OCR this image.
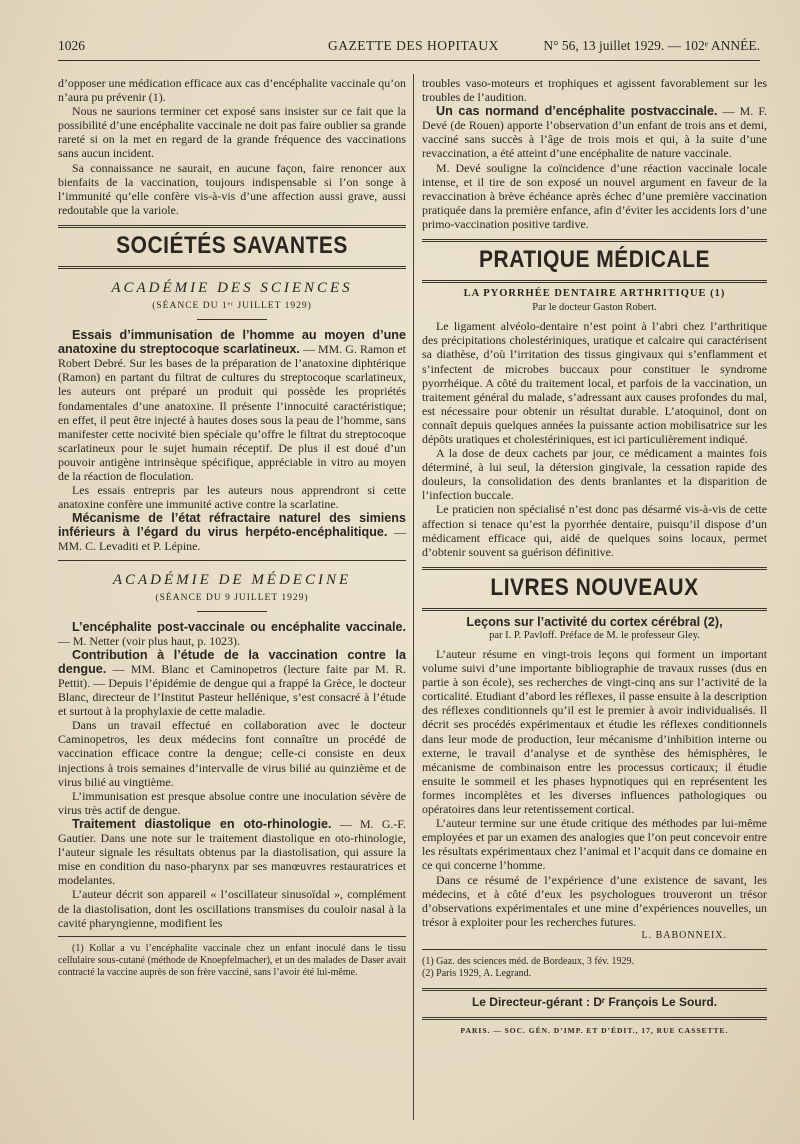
1026	GAZETTE DES HOPITAUX	N° 56, 13 juillet 1929. — 102ᵉ ANNÉE.

d’opposer une médication efficace aux cas d’encéphalite vaccinale qu’on n’aura pu prévenir (1).

Nous ne saurions terminer cet exposé sans insister sur ce fait que la possibilité d’une encéphalite vaccinale ne doit pas faire oublier sa grande rareté si on la met en regard de la grande fréquence des vaccinations sans aucun incident.

Sa connaissance ne saurait, en aucune façon, faire renoncer aux bienfaits de la vaccination, toujours indispensable si l’on songe à l’immunité qu’elle confère vis-à-vis d’une affection aussi grave, aussi redoutable que la variole.

SOCIÉTÉS SAVANTES
ACADÉMIE DES SCIENCES
(SÉANCE DU 1ᵉʳ JUILLET 1929)

Essais d’immunisation de l’homme au moyen d’une anatoxine du streptocoque scarlatineux. — MM. G. Ramon et Robert Debré. Sur les bases de la préparation de l’anatoxine diphtérique (Ramon) en partant du filtrat de cultures du streptocoque scarlatineux, les auteurs ont préparé un produit qui possède les propriétés fondamentales d’une anatoxine. Il présente l’innocuité caractéristique; en effet, il peut être injecté à hautes doses sous la peau de l’homme, sans manifester cette nocivité bien spéciale qu’offre le filtrat du streptocoque scarlatineux pour le sujet humain réceptif. De plus il est doué d’un pouvoir antigène intrinsèque spécifique, appréciable in vitro au moyen de la réaction de floculation.

Les essais entrepris par les auteurs nous apprendront si cette anatoxine confère une immunité active contre la scarlatine.

Mécanisme de l’état réfractaire naturel des simiens inférieurs à l’égard du virus herpéto-encéphalitique. — MM. C. Levaditi et P. Lépine.

ACADÉMIE DE MÉDECINE
(SÉANCE DU 9 JUILLET 1929)

L’encéphalite post-vaccinale ou encéphalite vaccinale. — M. Netter (voir plus haut, p. 1023).

Contribution à l’étude de la vaccination contre la dengue. — MM. Blanc et Caminopetros (lecture faite par M. R. Pettit). — Depuis l’épidémie de dengue qui a frappé la Grèce, le docteur Blanc, directeur de l’Institut Pasteur hellénique, s’est consacré à l’étude et surtout à la prophylaxie de cette maladie.

Dans un travail effectué en collaboration avec le docteur Caminopetros, les deux médecins font connaître un procédé de vaccination efficace contre la dengue; celle-ci consiste en deux injections à trois semaines d’intervalle de virus bilié au quinzième et de virus bilié au vingtième.

L’immunisation est presque absolue contre une inoculation sévère de virus très actif de dengue.

Traitement diastolique en oto-rhinologie. — M. G.-F. Gautier. Dans une note sur le traitement diastolique en oto-rhinologie, l’auteur signale les résultats obtenus par la diastolisation, qui assure la mise en condition du naso-pharynx par ses manœuvres restauratrices et modelantes.

L’auteur décrit son appareil « l’oscillateur sinusoïdal », complément de la diastolisation, dont les oscillations transmises du couloir nasal à la cavité pharyngienne, modifient les

(1) Kollar a vu l’encéphalite vaccinale chez un enfant inoculé dans le tissu cellulaire sous-cutané (méthode de Knoepfelmacher), et un des malades de Daser avait contracté la vaccine auprès de son frère vacciné, sans l’avoir été lui-même.

troubles vaso-moteurs et trophiques et agissent favorablement sur les troubles de l’audition.

Un cas normand d’encéphalite postvaccinale. — M. F. Devé (de Rouen) apporte l’observation d’un enfant de trois ans et demi, vacciné sans succès à l’âge de trois mois et qui, à la suite d’une revaccination, a été atteint d’une encéphalite de nature vaccinale.

M. Devé souligne la coïncidence d’une réaction vaccinale locale intense, et il tire de son exposé un nouvel argument en faveur de la revaccination à brève échéance après échec d’une première vaccination pratiquée dans la première enfance, afin d’éviter les accidents lors d’une primo-vaccination positive tardive.

PRATIQUE MÉDICALE
LA PYORRHÉE DENTAIRE ARTHRITIQUE (1)
Par le docteur Gaston Robert.

Le ligament alvéolo-dentaire n’est point à l’abri chez l’arthritique des précipitations cholestériniques, uratique et calcaire qui caractérisent sa diathèse, d’où l’irritation des tissus gingivaux qui s’enflamment et s’infectent de microbes buccaux pour constituer le syndrome pyorrhéique. A côté du traitement local, et parfois de la vaccination, un traitement général du malade, s’adressant aux causes profondes du mal, est nécessaire pour obtenir un résultat durable. L’atoquinol, dont on connaît depuis quelques années la puissante action mobilisatrice sur les dépôts uratiques et cholestériniques, est ici particulièrement indiqué.

A la dose de deux cachets par jour, ce médicament a maintes fois déterminé, à lui seul, la détersion gingivale, la cessation rapide des douleurs, la consolidation des dents branlantes et la disparition de l’infection buccale.

Le praticien non spécialisé n’est donc pas désarmé vis-à-vis de cette affection si tenace qu’est la pyorrhée dentaire, puisqu’il dispose d’un médicament efficace qui, aidé de quelques soins locaux, permet d’obtenir souvent sa guérison définitive.

LIVRES NOUVEAUX
Leçons sur l’activité du cortex cérébral (2),
par I. P. Pavloff. Préface de M. le professeur Gley.

L’auteur résume en vingt-trois leçons qui forment un important volume suivi d’une importante bibliographie de travaux russes (dus en partie à son école), ses recherches de vingt-cinq ans sur l’activité de la corticalité. Etudiant d’abord les réflexes, il passe ensuite à la description des réflexes conditionnels qu’il est le premier à avoir individualisés. Il décrit ses procédés expérimentaux et étudie les réflexes conditionnels dans leur mode de production, leur mécanisme d’inhibition interne ou externe, le travail d’analyse et de synthèse des hémisphères, le mécanisme de combinaison entre les processus corticaux; il étudie ensuite le sommeil et les phases hypnotiques qui en représentent les formes incomplètes et les diverses influences pathologiques ou opératoires dans leur retentissement cortical.

L’auteur termine sur une étude critique des méthodes par lui-même employées et par un examen des analogies que l’on peut concevoir entre les résultats expérimentaux chez l’animal et l’acquit dans ce domaine en ce qui concerne l’homme.

Dans ce résumé de l’expérience d’une existence de savant, les médecins, et à côté d’eux les psychologues trouveront un trésor d’observations expérimentales et une mine d’expériences nouvelles, un trésor à exploiter pour les recherches futures.

L. BABONNEIX.

(1) Gaz. des sciences méd. de Bordeaux, 3 fév. 1929.

(2) Paris 1929, A. Legrand.

Le Directeur-gérant : Dʳ François Le Sourd.
PARIS. — SOC. GÉN. D’IMP. ET D’ÉDIT., 17, RUE CASSETTE.
